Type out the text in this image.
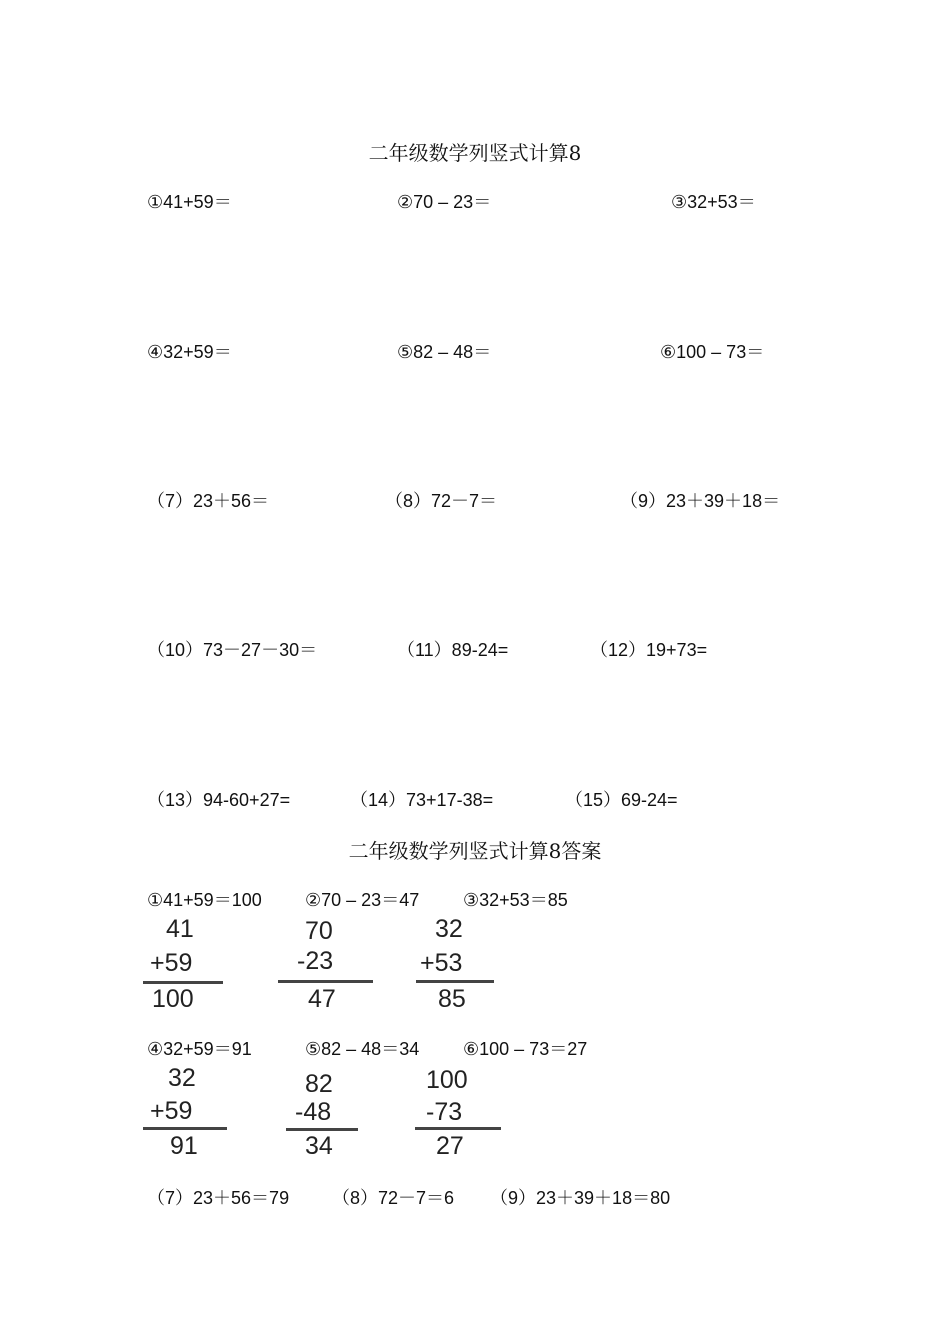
二年级数学列竖式计算8
①41+59＝	②70 – 23＝	③32+53＝
④32+59＝	⑤82 – 48＝	⑥100 – 73＝
（7）23＋56＝	（8）72－7＝	（9）23＋39＋18＝
（10）73－27－30＝	（11）89-24=	（12）19+73=
（13）94-60+27=	（14）73+17-38=	（15）69-24=
二年级数学列竖式计算8答案
①41+59＝100 ②70 – 23＝47 ③32+53＝85
41
+59
100
70
-23
47
32
+53
85
④32+59＝91	⑤82 – 48＝34 ⑥100 – 73＝27
32
+59
91
82
-48
34
100
-73
27
（7）23＋56＝79 （8）72－7＝6 （9）23＋39＋18＝80
